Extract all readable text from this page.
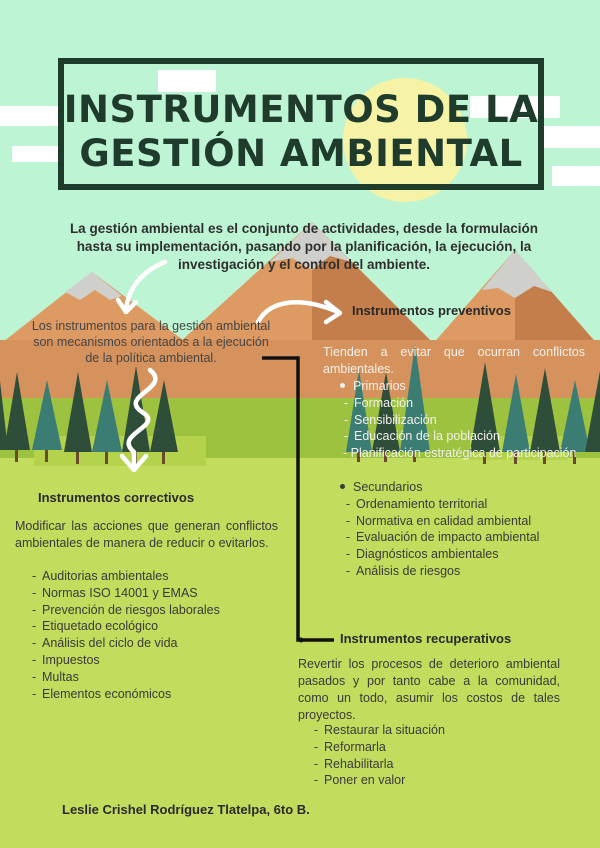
INSTRUMENTOS DE LA
GESTIÓN AMBIENTAL
La gestión ambiental es el conjunto de actividades, desde la formulación hasta su implementación, pasando por la planificación, la ejecución, la investigación y el control del ambiente.
Los instrumentos para la gestión ambiental son mecanismos orientados a la ejecución de la política ambiental.
Instrumentos preventivos
Tienden a evitar que ocurran conflictos ambientales.
Primarios
- Formación
- Sensibilización
- Educación de la población
- Planificación estratégica de participación
Secundarios
- Ordenamiento territorial
- Normativa en calidad ambiental
- Evaluación de impacto ambiental
- Diagnósticos ambientales
- Análisis de riesgos
Instrumentos correctivos
Modificar las acciones que generan conflictos ambientales de manera de reducir o evitarlos.
- Auditorias ambientales
- Normas ISO 14001 y EMAS
- Prevención de riesgos laborales
- Etiquetado ecológico
- Análisis del ciclo de vida
- Impuestos
- Multas
- Elementos económicos
Instrumentos recuperativos
Revertir los procesos de deterioro ambiental pasados y por tanto cabe a la comunidad, como un todo, asumir los costos de tales proyectos.
- Restaurar la situación
- Reformarla
- Rehabilitarla
- Poner en valor
Leslie Crishel Rodríguez Tlatelpa, 6to B.
